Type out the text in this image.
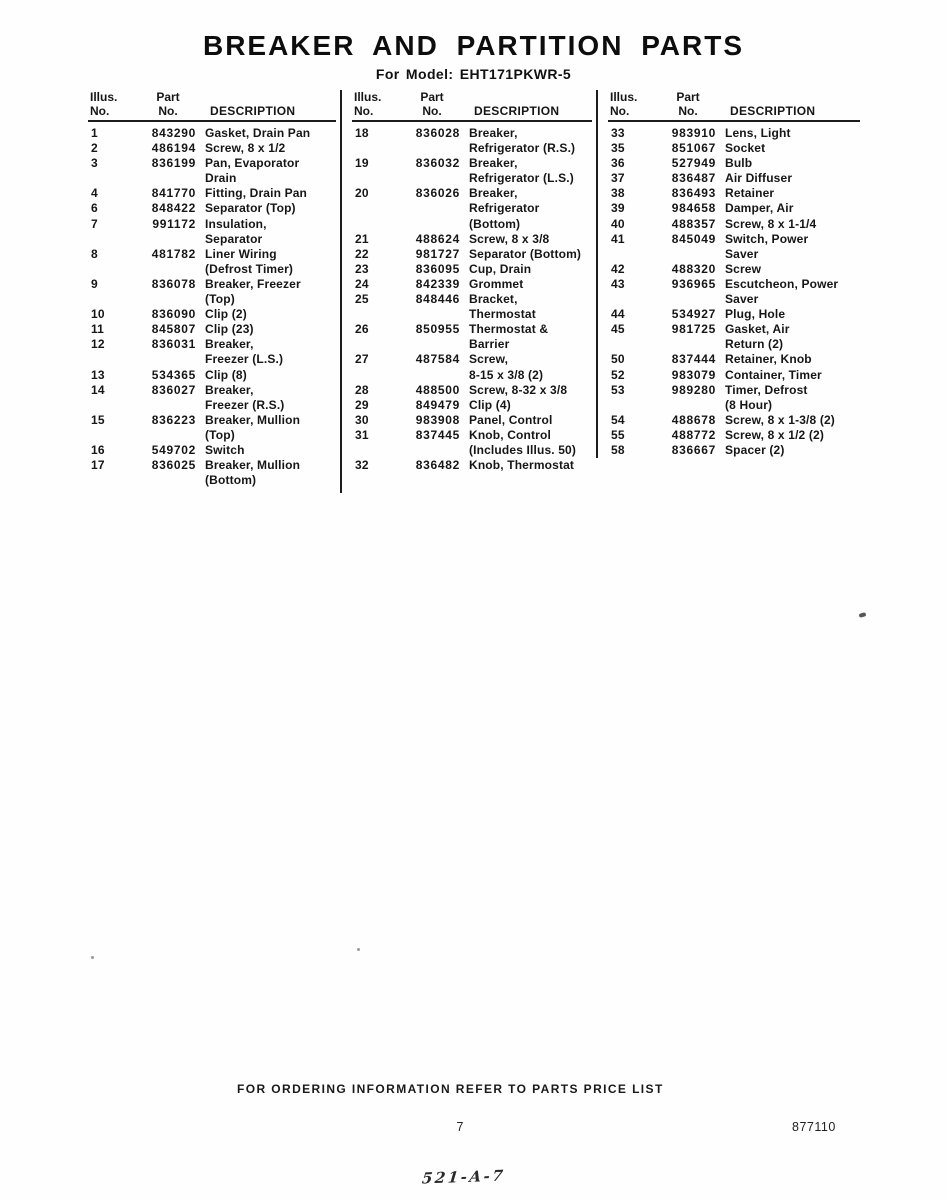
BREAKER AND PARTITION PARTS
For Model: EHT171PKWR-5
Illus.	Part
No.	No.	DESCRIPTION
1	843290 Gasket, Drain Pan
2	486194 Screw, 8 x 1/2
3	836199 Pan, Evaporator
Drain
4	841770 Fitting, Drain Pan
6	848422 Separator (Top)
7	991172 Insulation,
Separator
8	481782 Liner Wiring
(Defrost Timer)
9	836078 Breaker, Freezer
(Top)
10	836090 Clip (2)
11	845807 Clip (23)
12	836031 Breaker,
Freezer (L.S.)
13	534365 Clip (8)
14	836027 Breaker,
Freezer (R.S.)
15	836223 Breaker, Mullion
(Top)
16	549702 Switch
17	836025 Breaker, Mullion
(Bottom)
Illus.	Part
No.	No.	DESCRIPTION
18	836028 Breaker,
Refrigerator (R.S.)
19	836032 Breaker,
Refrigerator (L.S.)
20	836026 Breaker,
Refrigerator
(Bottom)
21	488624 Screw, 8 x 3/8
22	981727 Separator (Bottom)
23	836095 Cup, Drain
24	842339 Grommet
25	848446 Bracket,
Thermostat
26	850955 Thermostat &
Barrier
27	487584 Screw,
8-15 x 3/8 (2)
28	488500 Screw, 8-32 x 3/8
29	849479 Clip (4)
30	983908 Panel, Control
31	837445 Knob, Control
(Includes Illus. 50)
32	836482 Knob, Thermostat
Illus.	Part
No.	No.	DESCRIPTION
33	983910 Lens, Light
35	851067 Socket
36	527949 Bulb
37	836487 Air Diffuser
38	836493 Retainer
39	984658 Damper, Air
40	488357 Screw, 8 x 1-1/4
41	845049 Switch, Power
Saver
42	488320 Screw
43	936965 Escutcheon, Power
Saver
44	534927 Plug, Hole
45	981725 Gasket, Air
Return (2)
50	837444 Retainer, Knob
52	983079 Container, Timer
53	989280 Timer, Defrost
(8 Hour)
54	488678 Screw, 8 x 1-3/8 (2)
55	488772 Screw, 8 x 1/2 (2)
58	836667 Spacer (2)
FOR ORDERING INFORMATION REFER TO PARTS PRICE LIST
7	877110
521-A-7
